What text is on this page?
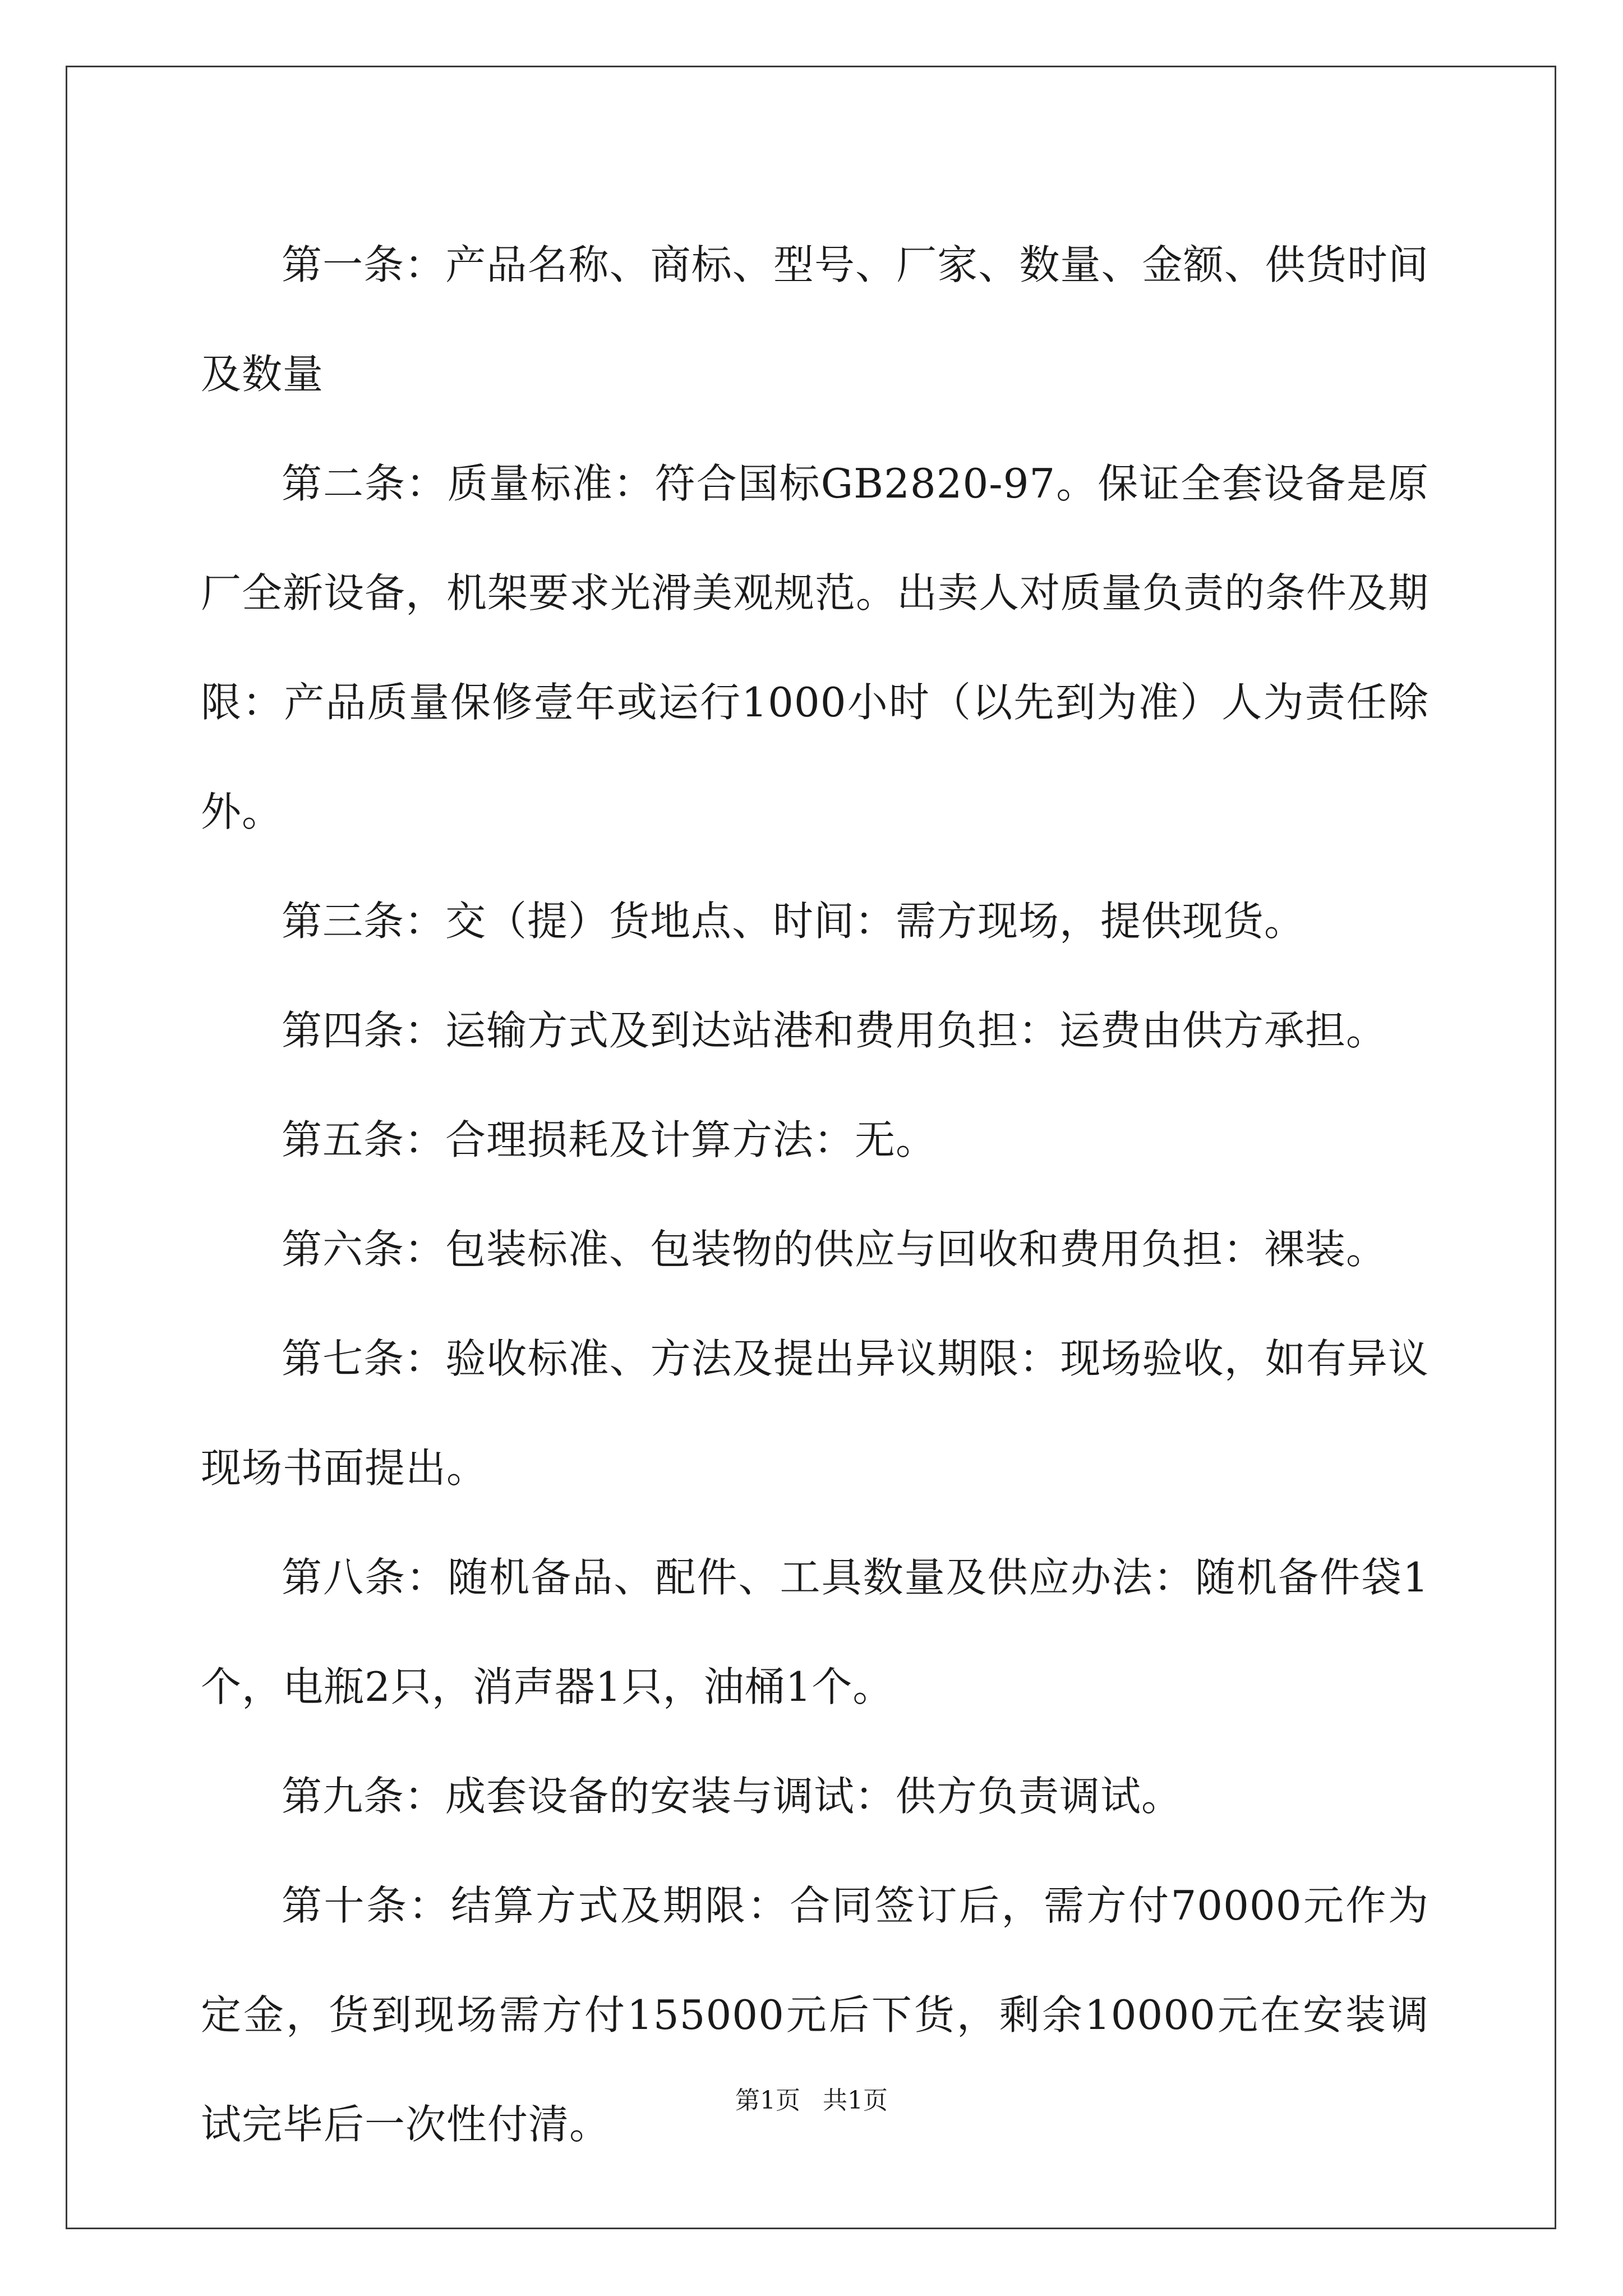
第一条：产品名称、商标、型号、厂家、数量、金额、供货时间及数量

第二条：质量标准：符合国标GB2820-97。保证全套设备是原厂全新设备，机架要求光滑美观规范。出卖人对质量负责的条件及期限：产品质量保修壹年或运行1000小时（以先到为准）人为责任除外。

第三条：交（提）货地点、时间：需方现场，提供现货。

第四条：运输方式及到达站港和费用负担：运费由供方承担。

第五条：合理损耗及计算方法：无。

第六条：包装标准、包装物的供应与回收和费用负担：裸装。

第七条：验收标准、方法及提出异议期限：现场验收，如有异议现场书面提出。

第八条：随机备品、配件、工具数量及供应办法：随机备件袋1个，电瓶2只，消声器1只，油桶1个。

第九条：成套设备的安装与调试：供方负责调试。

第十条：结算方式及期限：合同签订后，需方付70000元作为定金，货到现场需方付155000元后下货，剩余10000元在安装调试完毕后一次性付清。

第1页 共1页
